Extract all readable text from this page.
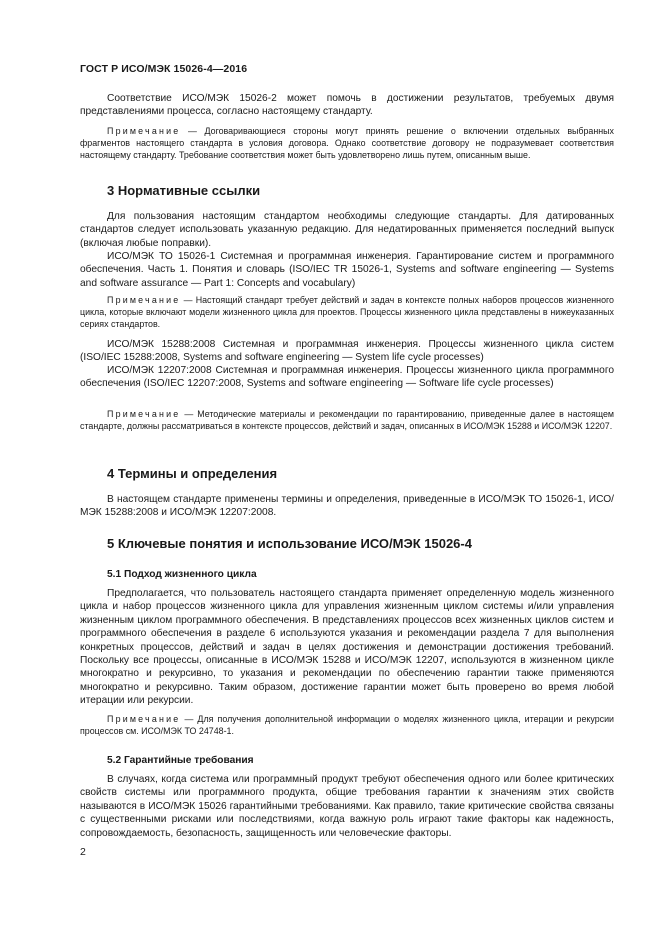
ГОСТ Р ИСО/МЭК 15026-4—2016

Соответствие ИСО/МЭК 15026-2 может помочь в достижении результатов, требуемых двумя представлениями процесса, согласно настоящему стандарту.

Примечание — Договаривающиеся стороны могут принять решение о включении отдельных выбранных фрагментов настоящего стандарта в условия договора. Однако соответствие договору не подразумевает соответствия настоящему стандарту. Требование соответствия может быть удовлетворено лишь путем, описанным выше.

3 Нормативные ссылки

Для пользования настоящим стандартом необходимы следующие стандарты. Для датированных стандартов следует использовать указанную редакцию. Для недатированных применяется последний выпуск (включая любые поправки).

ИСО/МЭК ТО 15026-1 Системная и программная инженерия. Гарантирование систем и программного обеспечения. Часть 1. Понятия и словарь (ISO/IEC TR 15026-1, Systems and software engineering — Systems and software assurance — Part 1: Concepts and vocabulary)

Примечание — Настоящий стандарт требует действий и задач в контексте полных наборов процессов жизненного цикла, которые включают модели жизненного цикла для проектов. Процессы жизненного цикла представлены в нижеуказанных сериях стандартов.

ИСО/МЭК 15288:2008 Системная и программная инженерия. Процессы жизненного цикла систем (ISO/IEC 15288:2008, Systems and software engineering — System life cycle processes)

ИСО/МЭК 12207:2008 Системная и программная инженерия. Процессы жизненного цикла программного обеспечения (ISO/IEC 12207:2008, Systems and software engineering — Software life cycle processes)

Примечание — Методические материалы и рекомендации по гарантированию, приведенные далее в настоящем стандарте, должны рассматриваться в контексте процессов, действий и задач, описанных в ИСО/МЭК 15288 и ИСО/МЭК 12207.

4 Термины и определения

В настоящем стандарте применены термины и определения, приведенные в ИСО/МЭК ТО 15026-1, ИСО/МЭК 15288:2008 и ИСО/МЭК 12207:2008.

5 Ключевые понятия и использование ИСО/МЭК 15026-4

5.1 Подход жизненного цикла

Предполагается, что пользователь настоящего стандарта применяет определенную модель жизненного цикла и набор процессов жизненного цикла для управления жизненным циклом системы и/или управления жизненным циклом программного обеспечения. В представлениях процессов всех жизненных циклов систем и программного обеспечения в разделе 6 используются указания и рекомендации раздела 7 для выполнения конкретных процессов, действий и задач в целях достижения и демонстрации достижения требований. Поскольку все процессы, описанные в ИСО/МЭК 15288 и ИСО/МЭК 12207, используются в жизненном цикле многократно и рекурсивно, то указания и рекомендации по обеспечению гарантии также применяются многократно и рекурсивно. Таким образом, достижение гарантии может быть проверено во время любой итерации или рекурсии.

Примечание — Для получения дополнительной информации о моделях жизненного цикла, итерации и рекурсии процессов см. ИСО/МЭК ТО 24748-1.

5.2 Гарантийные требования

В случаях, когда система или программный продукт требуют обеспечения одного или более критических свойств системы или программного продукта, общие требования гарантии к значениям этих свойств называются в ИСО/МЭК 15026 гарантийными требованиями. Как правило, такие критические свойства связаны с существенными рисками или последствиями, когда важную роль играют такие факторы как надежность, сопровождаемость, безопасность, защищенность или человеческие факторы.

2
